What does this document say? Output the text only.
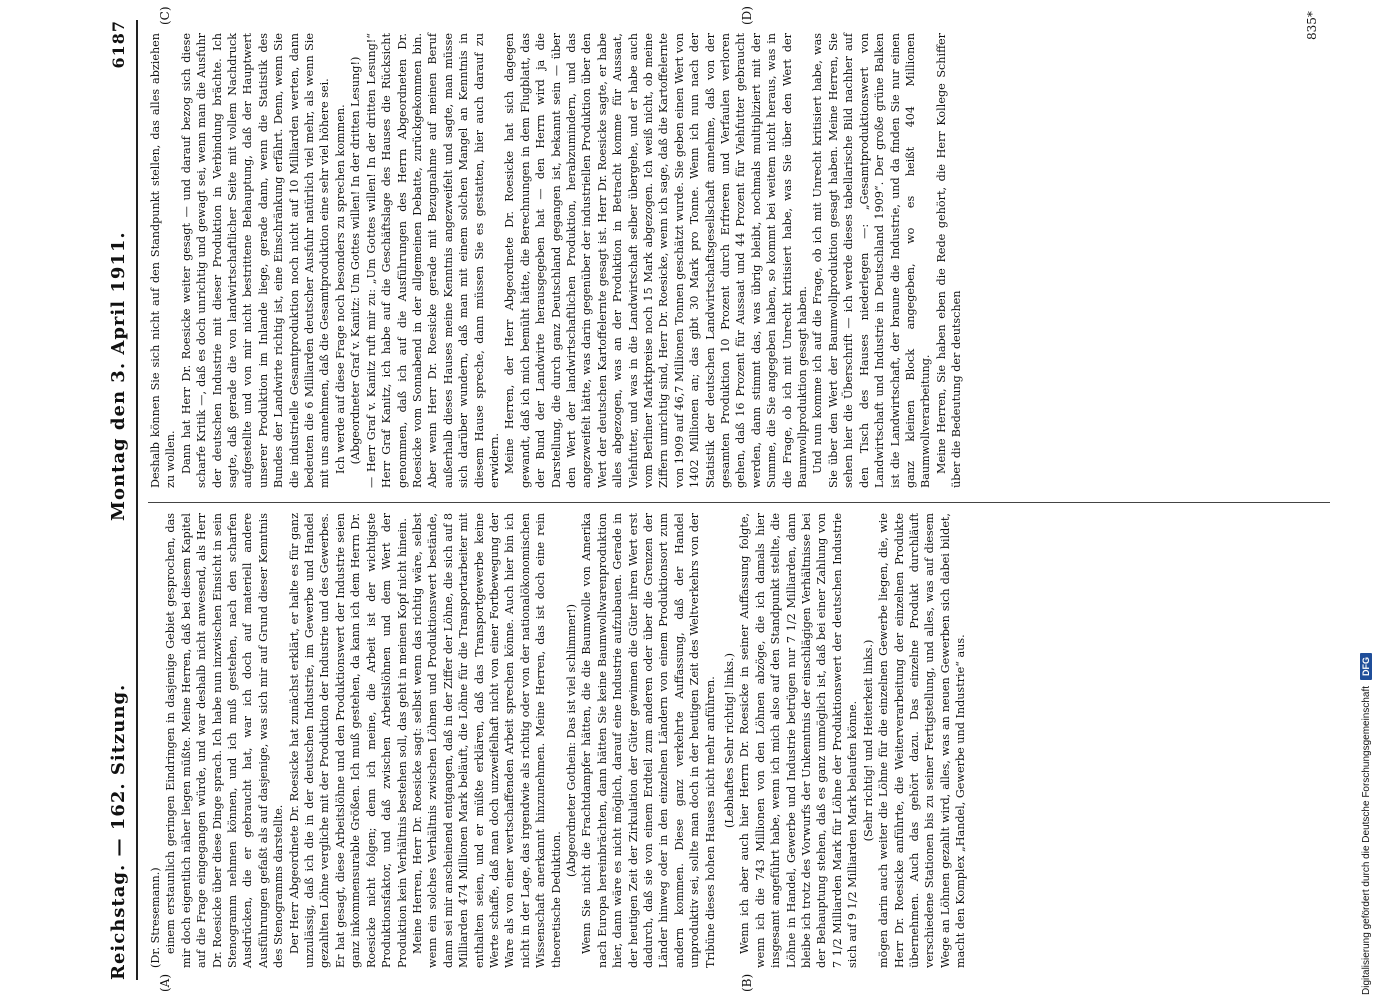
Reichstag. — 162. Sitzung.
Montag den 3. April 1911.
6187
(A)	(B)
(C)	(D)

(Dr. Stresemann.) einem erstaunlich geringen Eindringen in dasjenige Gebiet gesprochen, das mir doch eigentlich näher liegen müßte. Meine Herren, daß bei diesem Kapitel auf die Frage eingegangen würde, und war deshalb nicht anwesend, als Herr Dr. Roesicke über diese Dinge sprach. Ich habe nun inzwischen Einsicht in sein Stenogramm nehmen können, und ich muß gestehen, nach den scharfen Ausdrücken, die er gebraucht hat, war ich doch auf materiell andere Ausführungen gefaßt als auf dasjenige, was sich mir auf Grund dieser Kenntnis des Stenogramms darstellte. Der Herr Abgeordnete Dr. Roesicke hat zunächst erklärt, er halte es für ganz unzulässig, daß ich die in der deutschen Industrie, im Gewerbe und Handel gezahlten Löhne vergliche mit der Produktion der Industrie und des Gewerbes. Er hat gesagt, diese Arbeitslöhne und den Produktionswert der Industrie seien ganz inkommensurable Größen. Ich muß gestehen, da kann ich dem Herrn Dr. Roesicke nicht folgen; denn ich meine, die Arbeit ist der wichtigste Produktionsfaktor, und daß zwischen Arbeitslöhnen und dem Wert der Produktion kein Verhältnis bestehen soll, das geht in meinen Kopf nicht hinein. Meine Herren, Herr Dr. Roesicke sagt: selbst wenn das richtig wäre, selbst wenn ein solches Verhältnis zwischen Löhnen und Produktionswert bestände, dann sei mir anscheinend entgangen, daß in der Ziffer der Löhne, die sich auf 8 Milliarden 474 Millionen Mark beläuft, die Löhne für die Transportarbeiter mit enthalten seien, und er müßte erklären, daß das Transportgewerbe keine Werte schaffe, daß man doch unzweifelhaft nicht von einer Fortbewegung der Ware als von einer wertschaffenden Arbeit sprechen könne. Auch hier bin ich nicht in der Lage, das irgendwie als richtig oder von der nationalökonomischen Wissenschaft anerkannt hinzunehmen. Meine Herren, das ist doch eine rein theoretische Deduktion.

(Abgeordneter Gothein: Das ist viel schlimmer!) Wenn Sie nicht die Frachtdampfer hätten, die die Baumwolle von Amerika nach Europa hereinbrächten, dann hätten Sie keine Baumwollwarenproduktion hier, dann wäre es nicht möglich, darauf eine Industrie aufzubauen. Gerade in der heutigen Zeit der Zirkulation der Güter gewinnen die Güter ihren Wert erst dadurch, daß sie von einem Erdteil zum anderen oder über die Grenzen der Länder hinweg oder in den einzelnen Ländern von einem Produktionsort zum andern kommen. Diese ganz verkehrte Auffassung, daß der Handel unproduktiv sei, sollte man doch in der heutigen Zeit des Weltverkehrs von der Tribüne dieses hohen Hauses nicht mehr anführen. (Lebhaftes Sehr richtig! links.) Wenn ich aber auch hier Herrn Dr. Roesicke in seiner Auffassung folgte, wenn ich die 743 Millionen von den Löhnen abzöge, die ich damals hier insgesamt angeführt habe, wenn ich mich also auf den Standpunkt stellte, die Löhne in Handel, Gewerbe und Industrie betrügen nur 7 1/2 Milliarden, dann bleibe ich trotz des Vorwurfs der Unkenntnis der einschlägigen Verhältnisse bei der Behauptung stehen, daß es ganz unmöglich ist, daß bei einer Zahlung von 7 1/2 Milliarden Mark für Löhne der Produktionswert der deutschen Industrie sich auf 9 1/2 Milliarden Mark belaufen könne. (Sehr richtig! und Heiterkeit links.) mögen darin auch weiter die Löhne für die einzelnen Gewerbe liegen, die, wie Herr Dr. Roesicke anführte, die Weiterverarbeitung der einzelnen Produkte übernehmen. Auch das gehört dazu. Das einzelne Produkt durchläuft verschiedene Stationen bis zu seiner Fertigstellung, und alles, was auf diesem Wege an Löhnen gezahlt wird, alles, was an neuen Gewerben sich dabei bildet, macht den Komplex „Handel, Gewerbe und Industrie“ aus.

Deshalb können Sie sich nicht auf den Standpunkt stellen, das alles abziehen zu wollen. Dann hat Herr Dr. Roesicke weiter gesagt — und darauf bezog sich diese scharfe Kritik —, daß es doch unrichtig und gewagt sei, wenn man die Ausfuhr der deutschen Industrie mit dieser Produktion in Verbindung brächte. Ich sagte, daß gerade die von landwirtschaftlicher Seite mit vollem Nachdruck aufgestellte und von mir nicht bestrittene Behauptung, daß der Hauptwert unserer Produktion im Inlande liege, gerade dann, wenn die Statistik des Bundes der Landwirte richtig ist, eine Einschränkung erfährt. Denn, wenn Sie die industrielle Gesamtproduktion noch nicht auf 10 Milliarden werten, dann bedeuten die 6 Milliarden deutscher Ausfuhr natürlich viel mehr, als wenn Sie mit uns annehmen, daß die Gesamtproduktion eine sehr viel höhere sei. Ich werde auf diese Frage noch besonders zu sprechen kommen. (Abgeordneter Graf v. Kanitz: Um Gottes willen! In der dritten Lesung!) — Herr Graf v. Kanitz ruft mir zu: „Um Gottes willen! In der dritten Lesung!“ Herr Graf Kanitz, ich habe auf die Geschäftslage des Hauses die Rücksicht genommen, daß ich auf die Ausführungen des Herrn Abgeordneten Dr. Roesicke vom Sonnabend in der allgemeinen Debatte, zurückgekommen bin. Aber wenn Herr Dr. Roesicke gerade mit Bezugnahme auf meinen Beruf außerhalb dieses Hauses meine Kenntnis angezweifelt und sagte, man müsse sich darüber wundern, daß man mit einem solchen Mangel an Kenntnis in diesem Hause spreche, dann müssen Sie es gestatten, hier auch darauf zu erwidern. Meine Herren, der Herr Abgeordnete Dr. Roesicke hat sich dagegen gewandt, daß ich mich bemüht hätte, die Berechnungen in dem Flugblatt, das der Bund der Landwirte herausgegeben hat — den Herrn wird ja die Darstellung, die durch ganz Deutschland gegangen ist, bekannt sein — über den Wert der landwirtschaftlichen Produktion, herabzumindern, und das angezweifelt hätte, was darin gegenüber der industriellen Produktion über den Wert der deutschen Kartoffelernte gesagt ist. Herr Dr. Roesicke sagte, er habe alles abgezogen, was an der Produktion in Betracht komme für Aussaat, Viehfutter, und was in die Landwirtschaft selber übergehe, und er habe auch vom Berliner Marktpreise noch 15 Mark abgezogen. Ich weiß nicht, ob meine Ziffern unrichtig sind, Herr Dr. Roesicke, wenn ich sage, daß die Kartoffelernte von 1909 auf 46,7 Millionen Tonnen geschätzt wurde. Sie geben einen Wert von 1402 Millionen an; das gibt 30 Mark pro Tonne. Wenn ich nun nach der Statistik der deutschen Landwirtschaftsgesellschaft annehme, daß von der gesamten Produktion 10 Prozent durch Erfrieren und Verfaulen verloren gehen, daß 16 Prozent für Aussaat und 44 Prozent für Viehfutter gebraucht werden, dann stimmt das, was übrig bleibt, nochmals multipliziert mit der Summe, die Sie angegeben haben, so kommt bei weitem nicht heraus, was in die Frage, ob ich mit Unrecht kritisiert habe, was Sie über den Wert der Baumwollproduktion gesagt haben. Und nun komme ich auf die Frage, ob ich mit Unrecht kritisiert habe, was Sie über den Wert der Baumwollproduktion gesagt haben. Meine Herren, Sie sehen hier die Überschrift — ich werde dieses tabellarische Bild nachher auf den Tisch des Hauses niederlegen —: „Gesamtproduktionswert von Landwirtschaft und Industrie in Deutschland 1909“. Der große grüne Balken ist die Landwirtschaft, der braune die Industrie, und da finden Sie nur einen ganz kleinen Block angegeben, wo es heißt 404 Millionen Baumwollverarbeitung. Meine Herren, Sie haben eben die Rede gehört, die Herr Kollege Schiffer über die Bedeutung der deutschen

835*
Digitalisierung gefördert durch die Deutsche Forschungsgemeinschaft
DFG
